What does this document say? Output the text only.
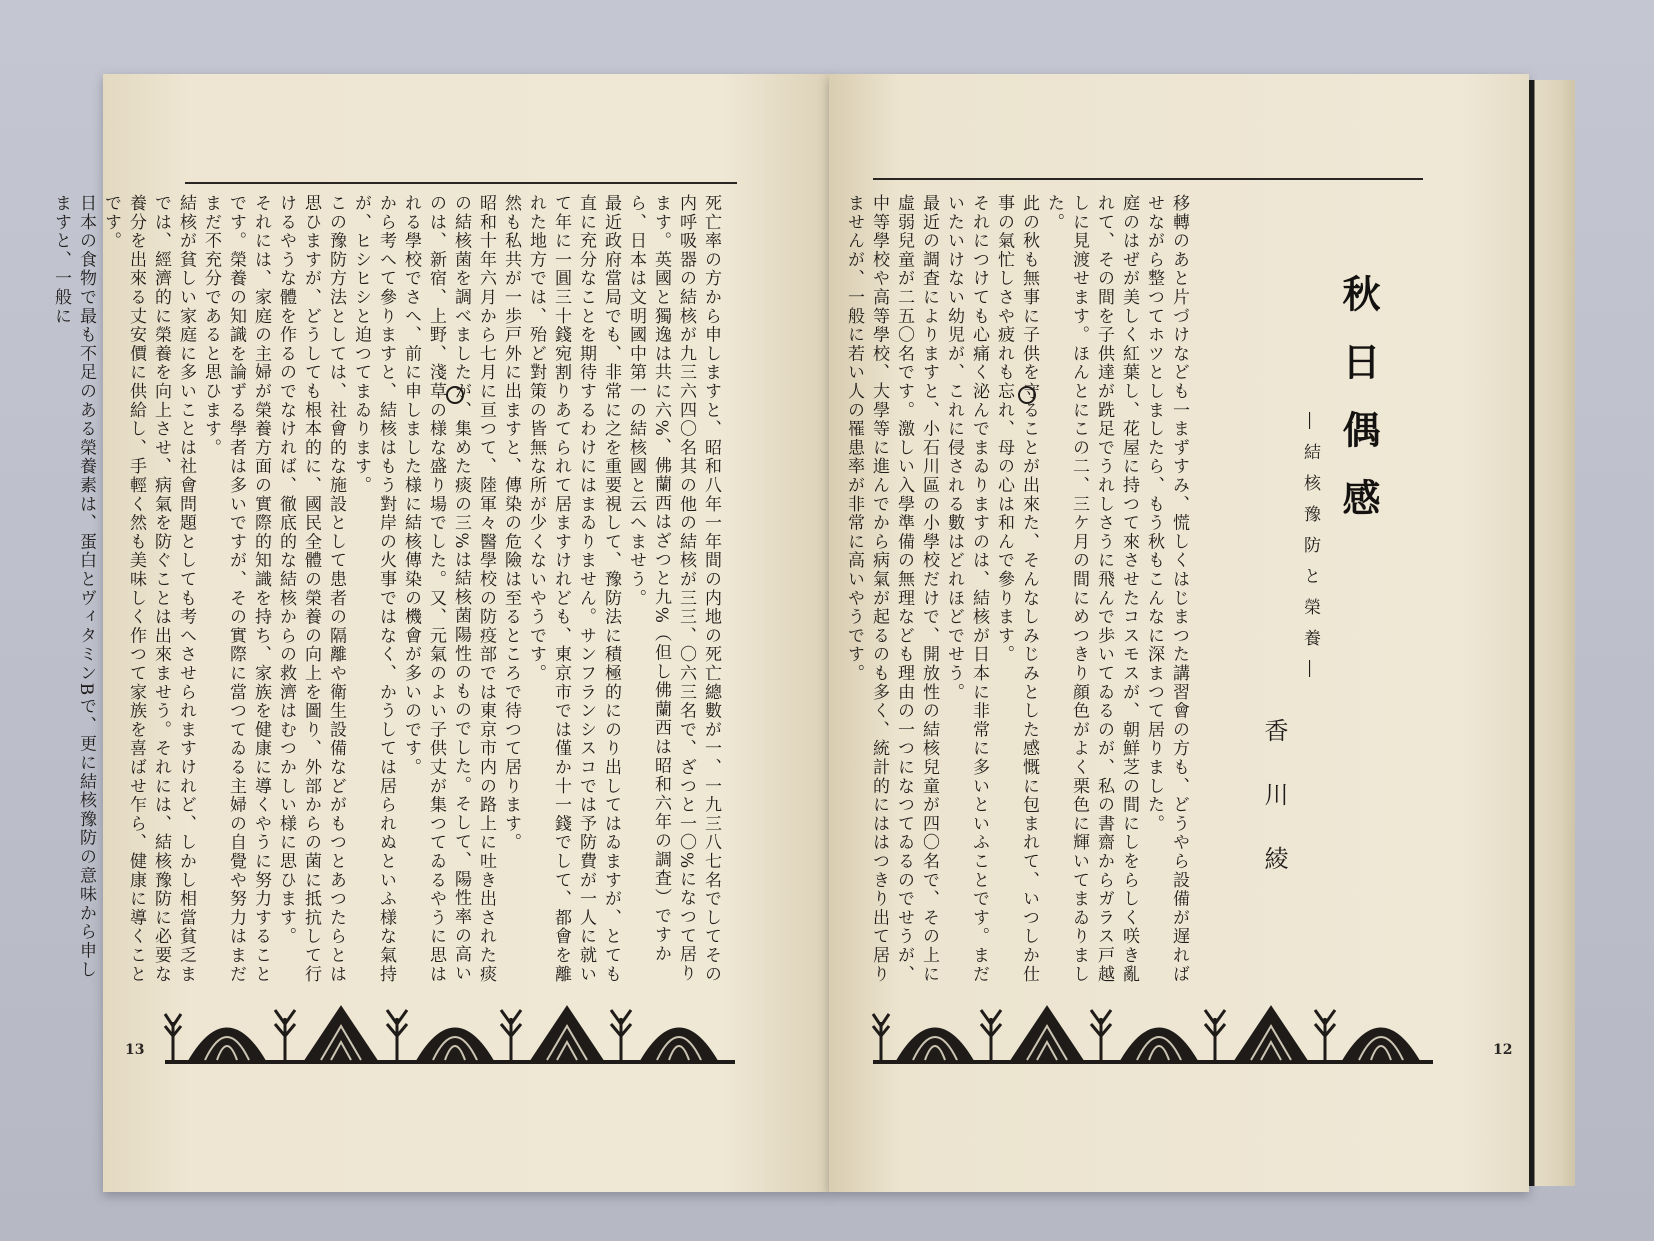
死亡率の方から申しますと、昭和八年一年間の内地の死亡總數が一、一九三八七名でしてその内呼吸器の結核が九三六四〇名其の他の結核が三三、〇六三名で、ざつと一〇%になつて居ります。英國と獨逸は共に六%、佛蘭西はざつと九%（但し佛蘭西は昭和六年の調査）ですから、日本は文明國中第一の結核國と云へませう。
最近政府當局でも、非常に之を重要視して、豫防法に積極的にのり出してはゐますが、とても直に充分なことを期待するわけにはまゐりません。サンフランシスコでは予防費が一人に就いて年に一圓三十錢宛割りあてられて居ますけれども、東京市では僅か十一錢でして、都會を離れた地方では、殆ど對策の皆無な所が少くないやうです。
然も私共が一歩戸外に出ますと、傳染の危險は至るところで待つて居ります。
昭和十年六月から七月に亘つて、陸軍々醫學校の防疫部では東京市内の路上に吐き出された痰の結核菌を調べましたが、集めた痰の三%は結核菌陽性のものでした。そして、陽性率の高いのは、新宿、上野、淺草の様な盛り場でした。又、元氣のよい子供丈が集つてゐるやうに思はれる學校でさへ、前に申しました様に結核傳染の機會が多いのです。
から考へて參りますと、結核はもう對岸の火事ではなく、かうしては居られぬといふ様な氣持が、ヒシヒシと迫つてまゐります。
この豫防方法としては、社會的な施設として患者の隔離や衛生設備などがもつとあつたらとは思ひますが、どうしても根本的に、國民全體の榮養の向上を圖り、外部からの菌に抵抗して行けるやうな體を作るのでなければ、徹底的な結核からの救濟はむつかしい様に思ひます。
それには、家庭の主婦が榮養方面の實際的知識を持ち、家族を健康に導くやうに努力することです。榮養の知識を論ずる學者は多いですが、その實際に當つてゐる主婦の自覺や努力はまだまだ不充分であると思ひます。
結核が貧しい家庭に多いことは社會問題としても考へさせられますけれど、しかし相當貧乏までは、經濟的に榮養を向上させ、病氣を防ぐことは出來ませう。それには、結核豫防に必要な養分を出來る丈安價に供給し、手輕く然も美味しく作つて家族を喜ばせ乍ら、健康に導くことです。
日本の食物で最も不足のある榮養素は、蛋白とヴィタミンBで、更に結核豫防の意味から申しますと、一般に

13
秋日偶感
―結核豫防と榮養―
香川綾

移轉のあと片づけなども一まずすみ、慌しくはじまつた講習會の方も、どうやら設備が遅ればせながら整つてホツとしましたら、もう秋もこんなに深まつて居りました。
庭のはぜが美しく紅葉し、花屋に持つて來させたコスモスが、朝鮮芝の間にしをらしく咲き亂れて、その間を子供達が跣足でうれしさうに飛んで歩いてゐるのが、私の書齋からガラス戸越しに見渡せます。ほんとにこの二、三ケ月の間にめつきり顔色がよく栗色に輝いてまゐりました。
此の秋も無事に子供を守ることが出來た、そんなしみじみとした感慨に包まれて、いつしか仕事の氣忙しさや疲れも忘れ、母の心は和んで參ります。
それにつけても心痛く泌んでまゐりますのは、結核が日本に非常に多いといふことです。まだいたいけない幼児が、これに侵される數はどれほどでせう。
最近の調査によりますと、小石川區の小學校だけで、開放性の結核兒童が四〇名で、その上に虛弱兒童が二五〇名です。激しい入學準備の無理なども理由の一つになつてゐるのでせうが、中等學校や高等學校、大學等に進んでから病氣が起るのも多く、統計的にははつきり出て居りませんが、一般に若い人の罹患率が非常に高いやうです。

12
